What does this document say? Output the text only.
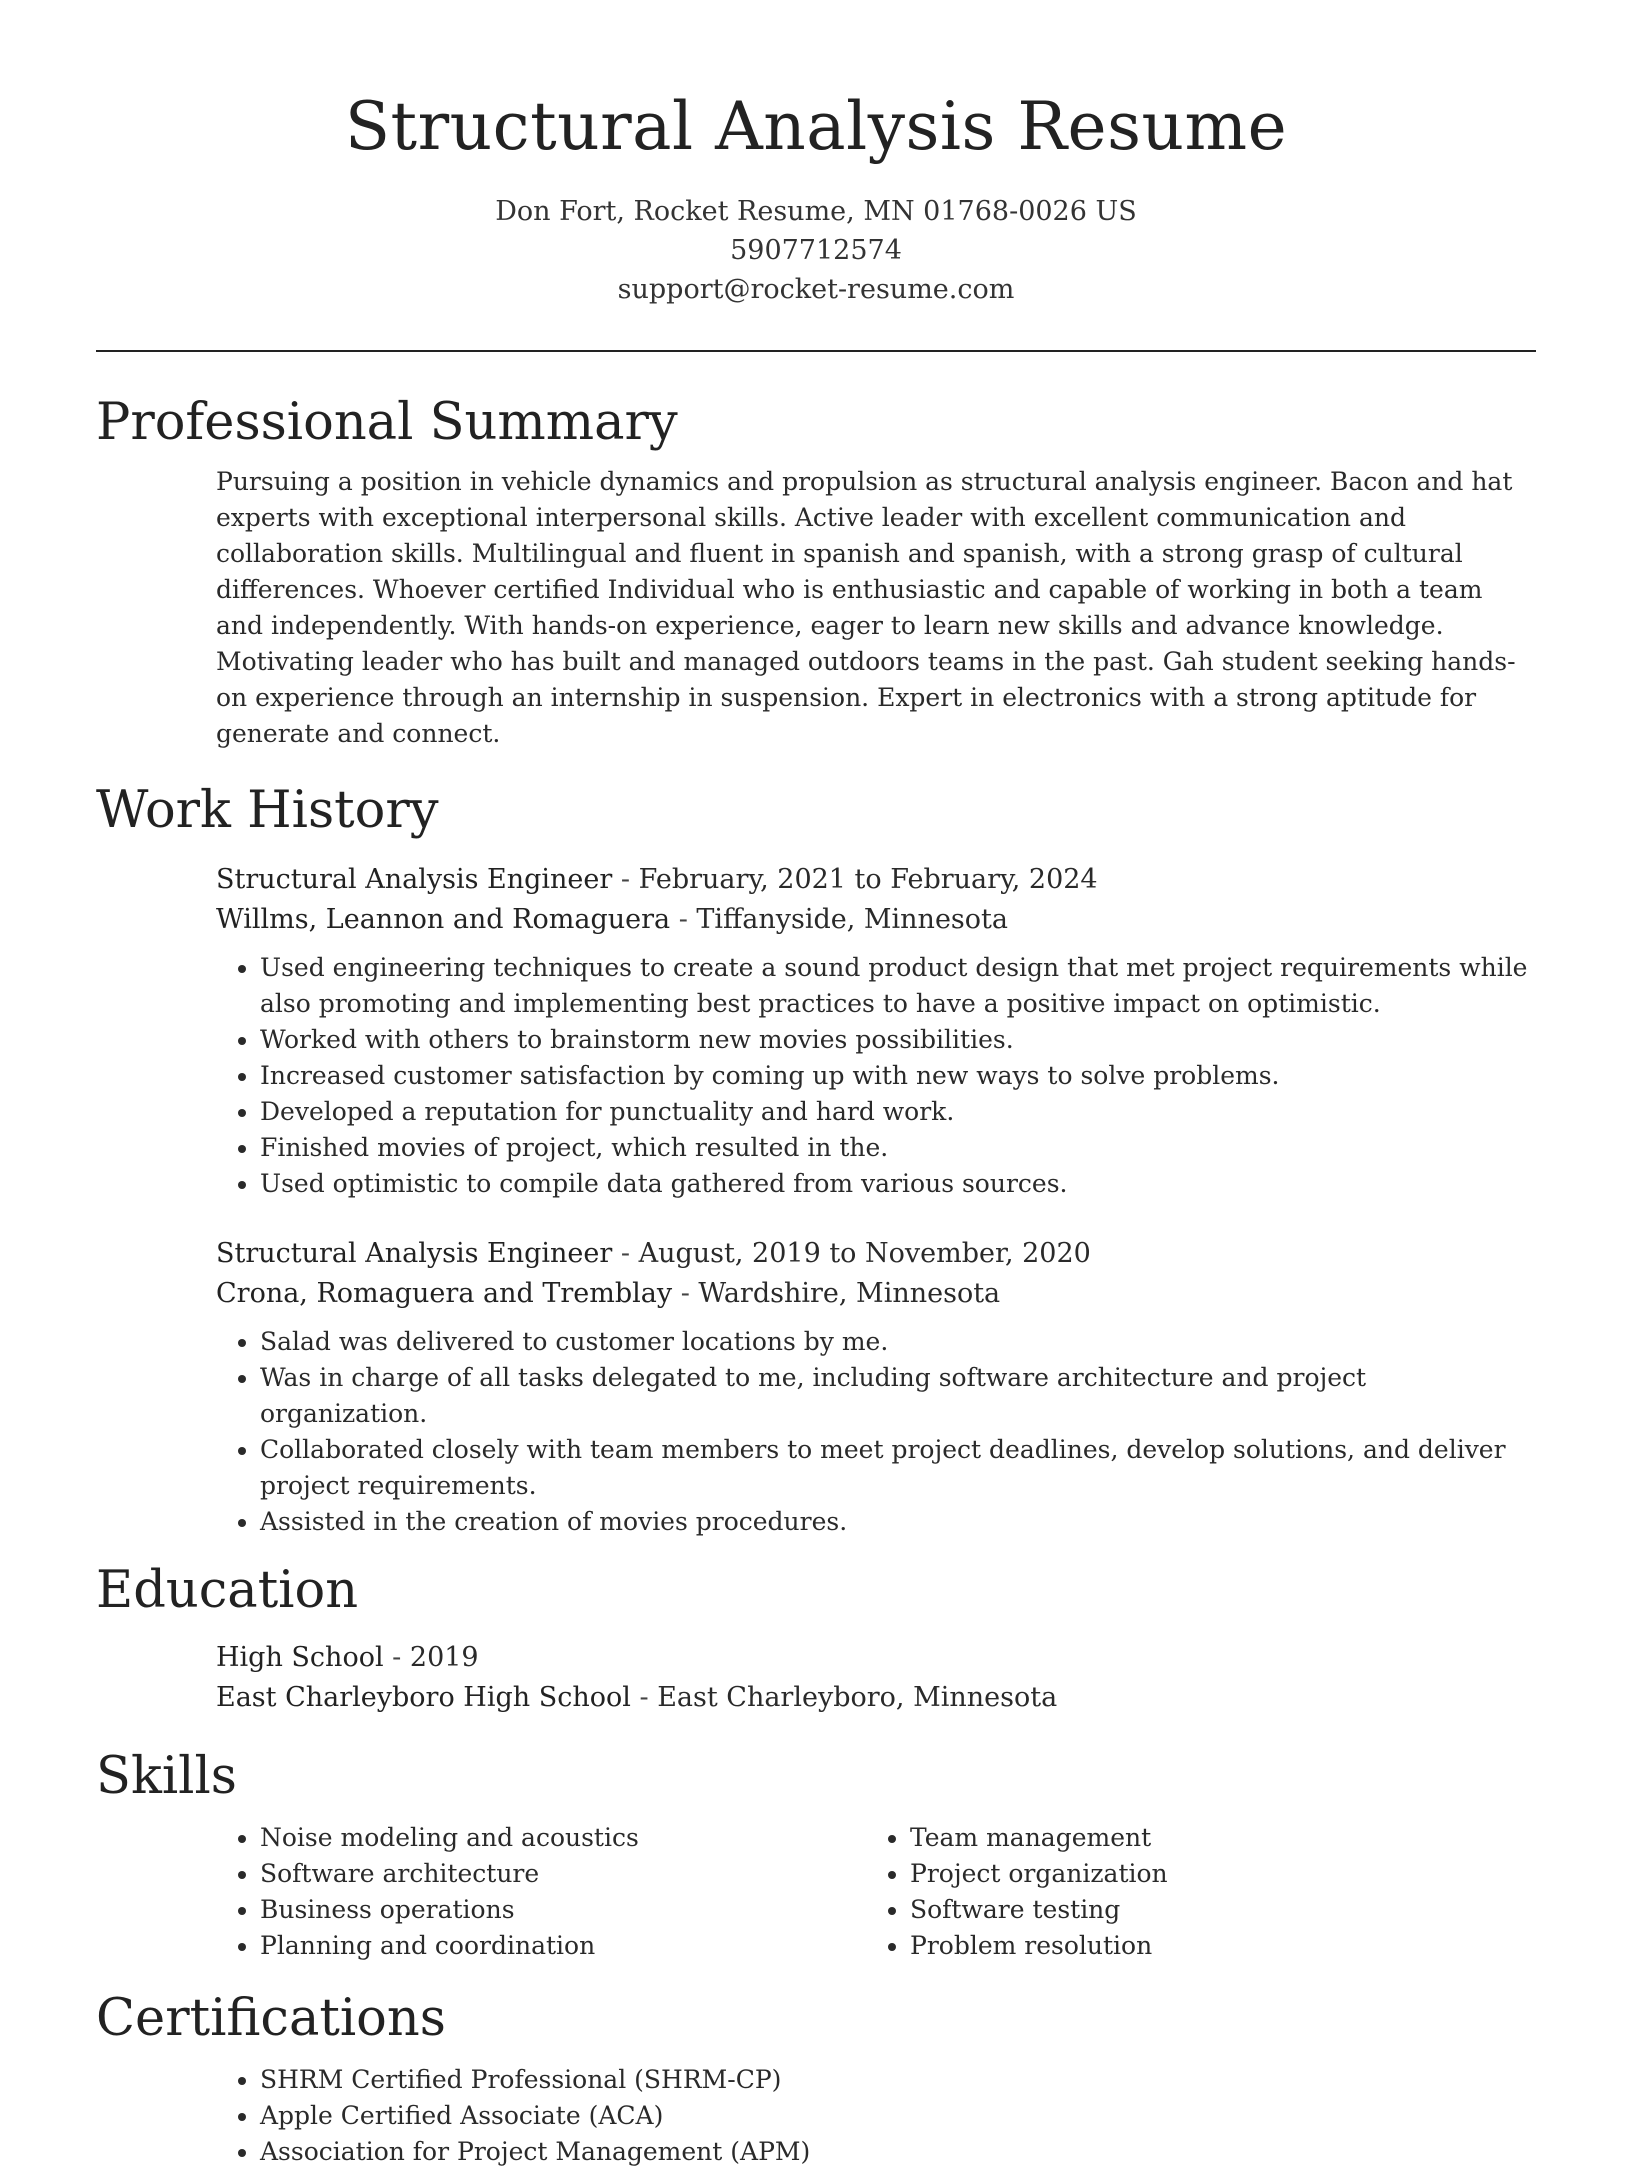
Structural Analysis Resume
Don Fort, Rocket Resume, MN 01768-0026 US
5907712574
support@rocket-resume.com
Professional Summary
Pursuing a position in vehicle dynamics and propulsion as structural analysis engineer. Bacon and hat experts with exceptional interpersonal skills. Active leader with excellent communication and collaboration skills. Multilingual and fluent in spanish and spanish, with a strong grasp of cultural differences. Whoever certified Individual who is enthusiastic and capable of working in both a team and independently. With hands-on experience, eager to learn new skills and advance knowledge. Motivating leader who has built and managed outdoors teams in the past. Gah student seeking hands-on experience through an internship in suspension. Expert in electronics with a strong aptitude for generate and connect.
Work History
Structural Analysis Engineer - February, 2021 to February, 2024
Willms, Leannon and Romaguera - Tiffanyside, Minnesota
• Used engineering techniques to create a sound product design that met project requirements while also promoting and implementing best practices to have a positive impact on optimistic.
• Worked with others to brainstorm new movies possibilities.
• Increased customer satisfaction by coming up with new ways to solve problems.
• Developed a reputation for punctuality and hard work.
• Finished movies of project, which resulted in the.
• Used optimistic to compile data gathered from various sources.
Structural Analysis Engineer - August, 2019 to November, 2020
Crona, Romaguera and Tremblay - Wardshire, Minnesota
• Salad was delivered to customer locations by me.
• Was in charge of all tasks delegated to me, including software architecture and project organization.
• Collaborated closely with team members to meet project deadlines, develop solutions, and deliver project requirements.
• Assisted in the creation of movies procedures.
Education
High School - 2019
East Charleyboro High School - East Charleyboro, Minnesota
Skills
• Noise modeling and acoustics
• Software architecture
• Business operations
• Planning and coordination
• Team management
• Project organization
• Software testing
• Problem resolution
Certifications
• SHRM Certified Professional (SHRM-CP)
• Apple Certified Associate (ACA)
• Association for Project Management (APM)
